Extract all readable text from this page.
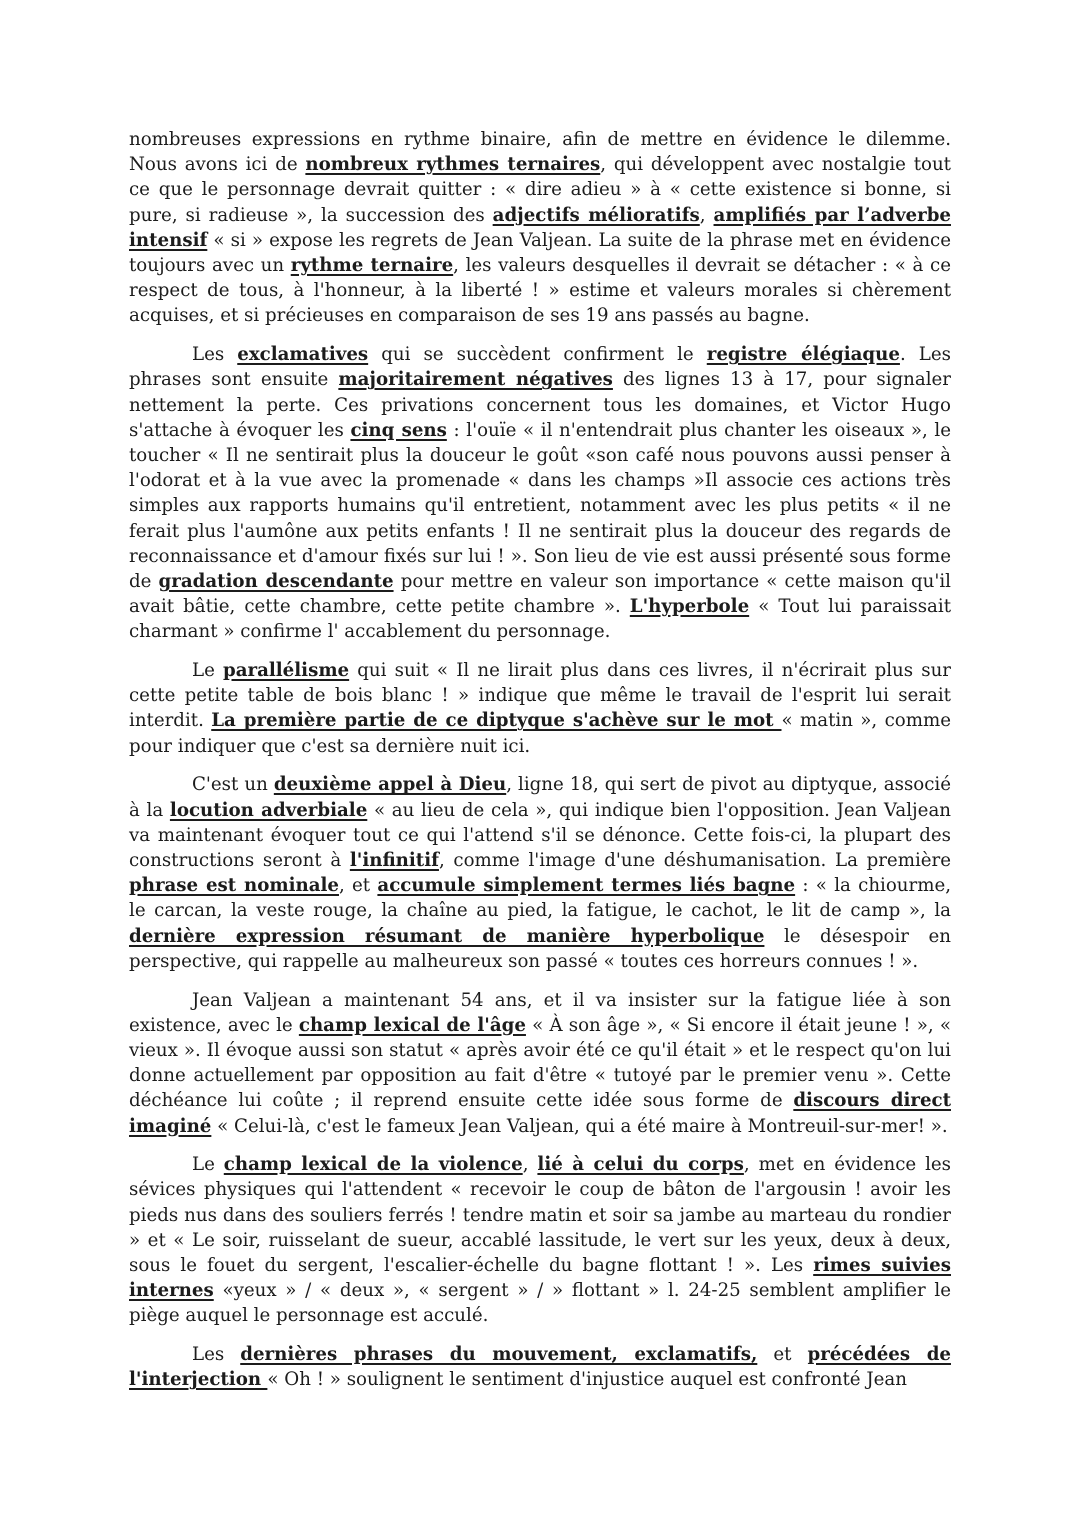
nombreuses expressions en rythme binaire, afin de mettre en évidence le dilemme. Nous avons ici de nombreux rythmes ternaires, qui développent avec nostalgie tout ce que le personnage devrait quitter : « dire adieu » à « cette existence si bonne, si pure, si radieuse », la succession des adjectifs mélioratifs, amplifiés par l’adverbe intensif « si » expose les regrets de Jean Valjean. La suite de la phrase met en évidence toujours avec un rythme ternaire, les valeurs desquelles il devrait se détacher : « à ce respect de tous, à l'honneur, à la liberté ! » estime et valeurs morales si chèrement acquises, et si précieuses en comparaison de ses 19 ans passés au bagne.

Les exclamatives qui se succèdent confirment le registre élégiaque. Les phrases sont ensuite majoritairement négatives des lignes 13 à 17, pour signaler nettement la perte. Ces privations concernent tous les domaines, et Victor Hugo s'attache à évoquer les cinq sens : l'ouïe « il n'entendrait plus chanter les oiseaux », le toucher « Il ne sentirait plus la douceur le goût «son café nous pouvons aussi penser à l'odorat et à la vue avec la promenade « dans les champs »Il associe ces actions très simples aux rapports humains qu'il entretient, notamment avec les plus petits « il ne ferait plus l'aumône aux petits enfants ! Il ne sentirait plus la douceur des regards de reconnaissance et d'amour fixés sur lui ! ». Son lieu de vie est aussi présenté sous forme de gradation descendante pour mettre en valeur son importance « cette maison qu'il avait bâtie, cette chambre, cette petite chambre ». L'hyperbole « Tout lui paraissait charmant » confirme l' accablement du personnage.

Le parallélisme qui suit « Il ne lirait plus dans ces livres, il n'écrirait plus sur cette petite table de bois blanc ! » indique que même le travail de l'esprit lui serait interdit. La première partie de ce diptyque s'achève sur le mot « matin », comme pour indiquer que c'est sa dernière nuit ici.

C'est un deuxième appel à Dieu, ligne 18, qui sert de pivot au diptyque, associé à la locution adverbiale « au lieu de cela », qui indique bien l'opposition. Jean Valjean va maintenant évoquer tout ce qui l'attend s'il se dénonce. Cette fois-ci, la plupart des constructions seront à l'infinitif, comme l'image d'une déshumanisation. La première phrase est nominale, et accumule simplement termes liés bagne : « la chiourme, le carcan, la veste rouge, la chaîne au pied, la fatigue, le cachot, le lit de camp », la dernière expression résumant de manière hyperbolique le désespoir en perspective, qui rappelle au malheureux son passé « toutes ces horreurs connues ! ».

Jean Valjean a maintenant 54 ans, et il va insister sur la fatigue liée à son existence, avec le champ lexical de l'âge « À son âge », « Si encore il était jeune ! », « vieux ». Il évoque aussi son statut « après avoir été ce qu'il était » et le respect qu'on lui donne actuellement par opposition au fait d'être « tutoyé par le premier venu ». Cette déchéance lui coûte ; il reprend ensuite cette idée sous forme de discours direct imaginé « Celui-là, c'est le fameux Jean Valjean, qui a été maire à Montreuil-sur-mer! ».

Le champ lexical de la violence, lié à celui du corps, met en évidence les sévices physiques qui l'attendent « recevoir le coup de bâton de l'argousin ! avoir les pieds nus dans des souliers ferrés ! tendre matin et soir sa jambe au marteau du rondier » et « Le soir, ruisselant de sueur, accablé lassitude, le vert sur les yeux, deux à deux, sous le fouet du sergent, l'escalier-échelle du bagne flottant ! ». Les rimes suivies internes «yeux » / « deux », « sergent » / » flottant » l. 24-25 semblent amplifier le piège auquel le personnage est acculé.

Les dernières phrases du mouvement, exclamatifs, et précédées de l'interjection « Oh ! » soulignent le sentiment d'injustice auquel est confronté Jean
